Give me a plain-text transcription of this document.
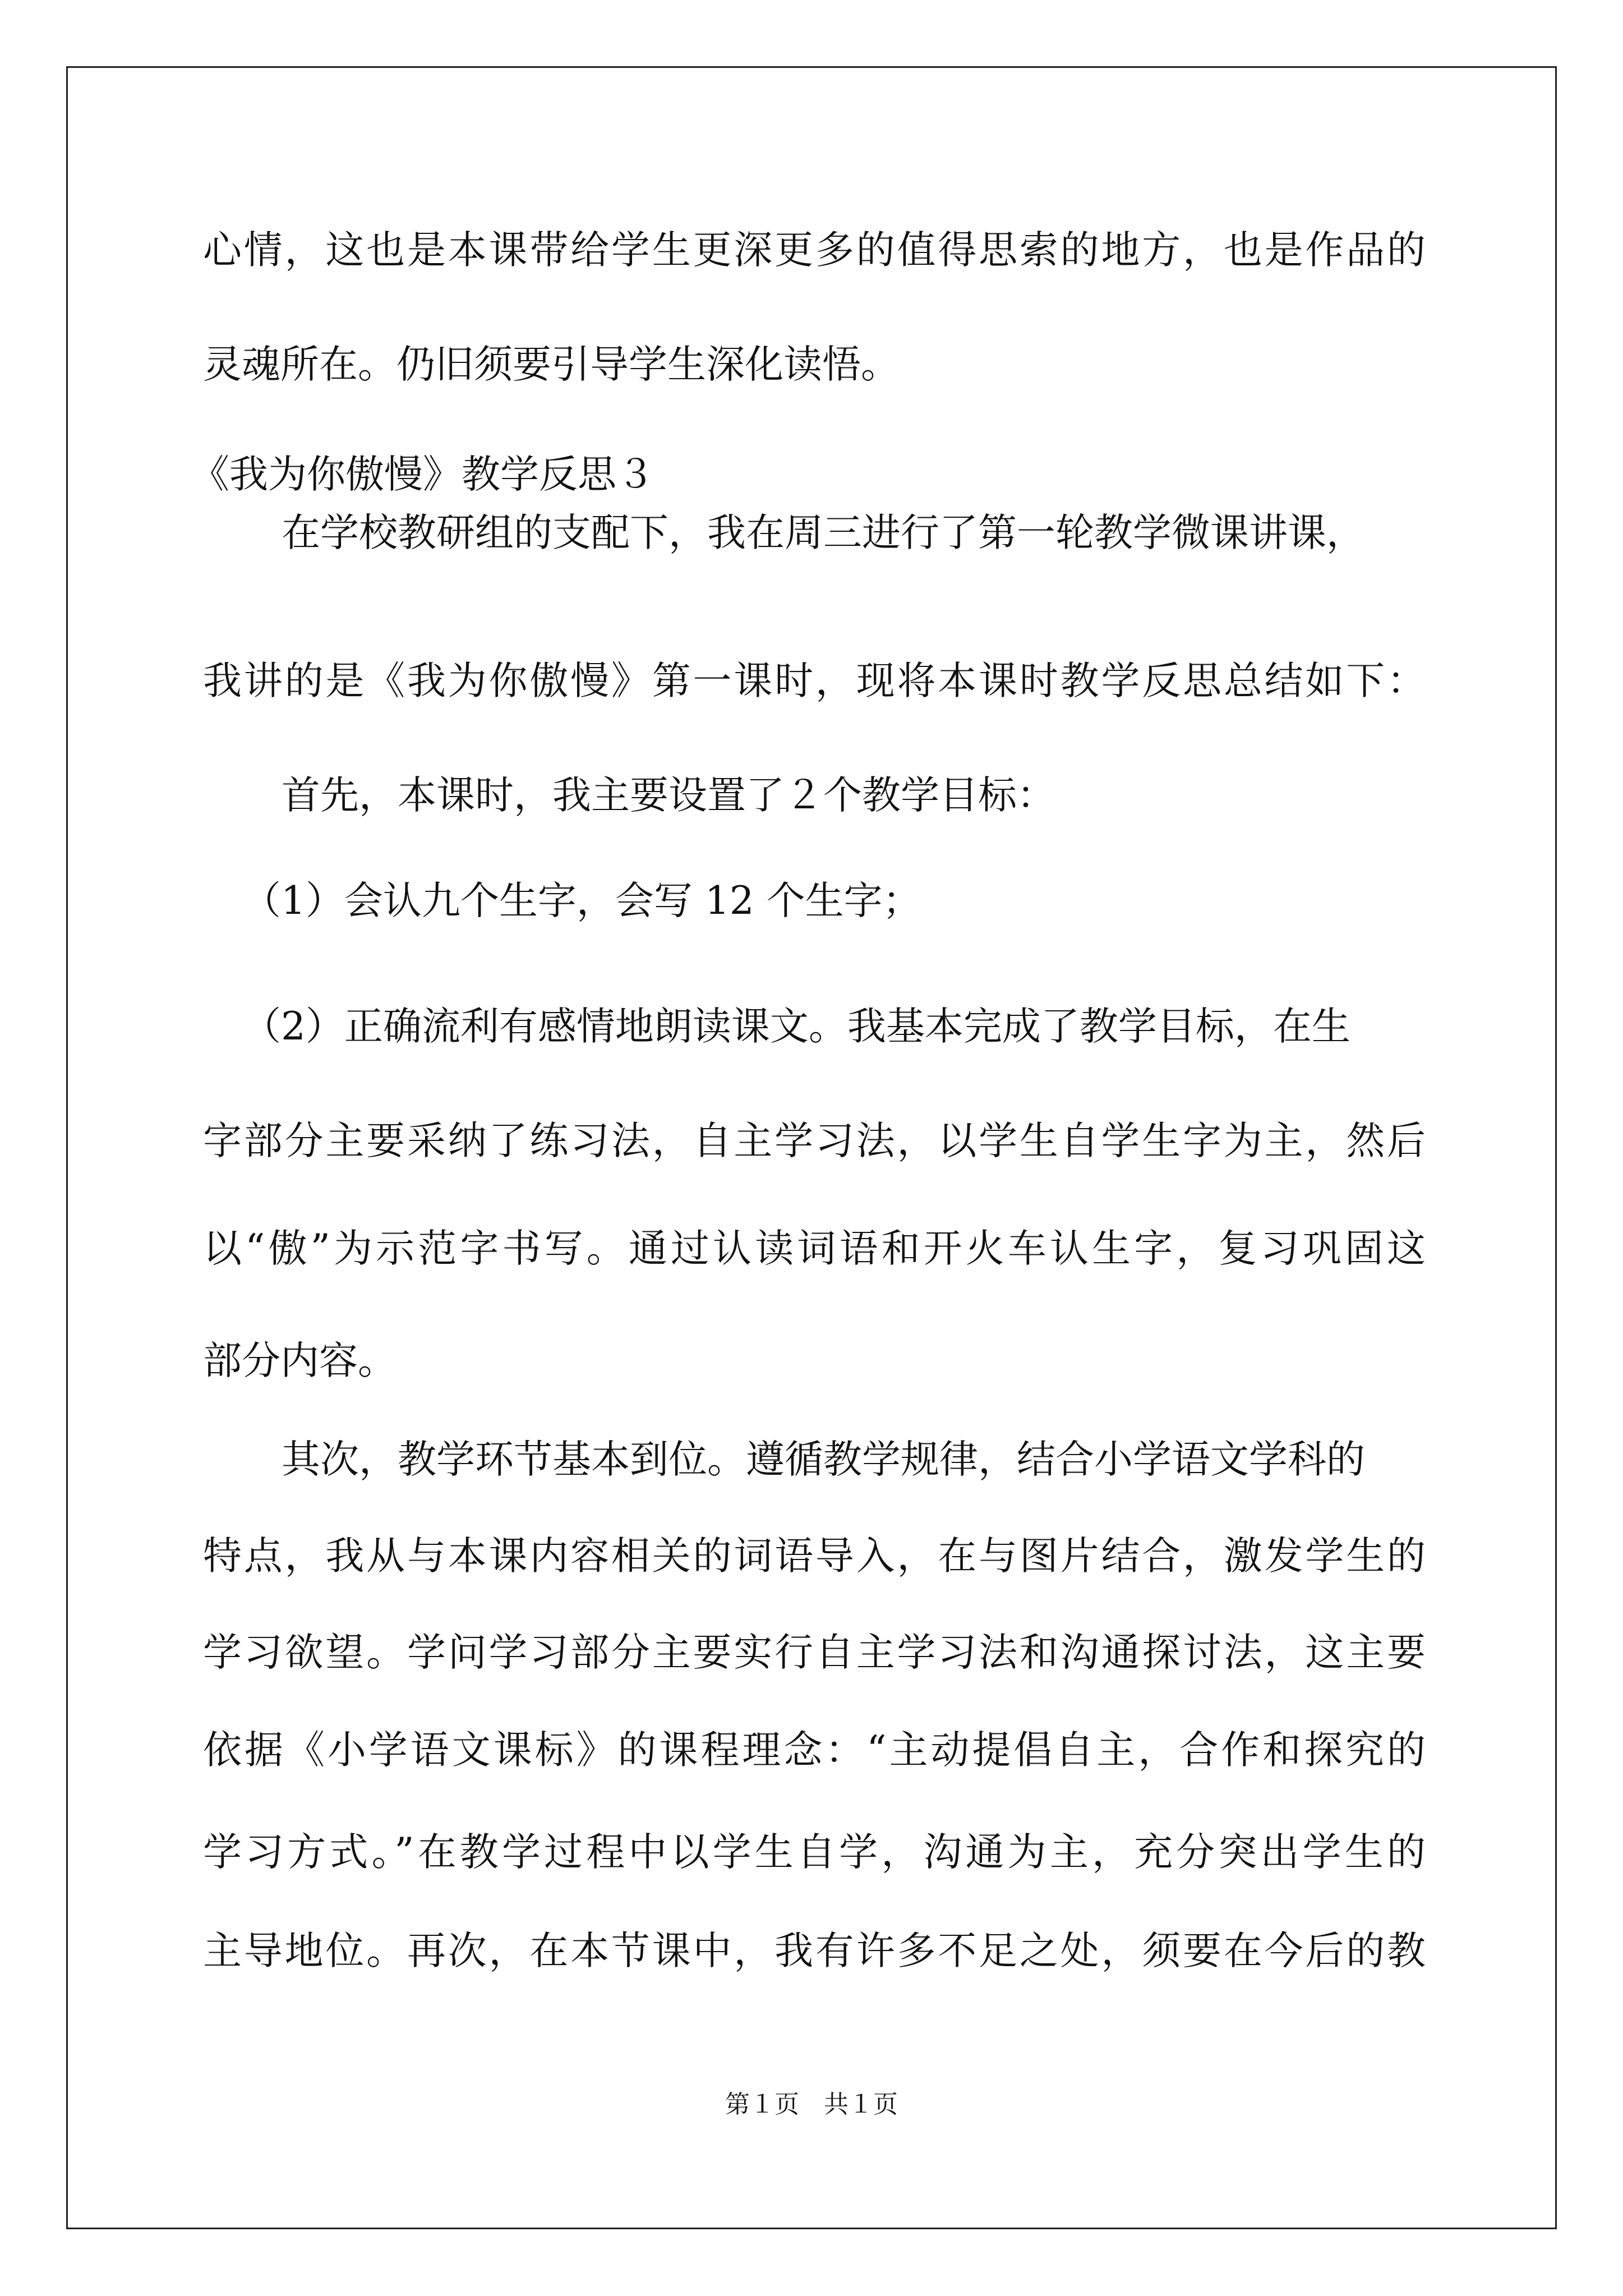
心情，这也是本课带给学生更深更多的值得思索的地方，也是作品的
灵魂所在。仍旧须要引导学生深化读悟。
《我为你傲慢》教学反思３
在学校教研组的支配下，我在周三进行了第一轮教学微课讲课，
我讲的是《我为你傲慢》第一课时，现将本课时教学反思总结如下：
首先，本课时，我主要设置了２个教学目标：
（1）会认九个生字，会写 12 个生字；
（2）正确流利有感情地朗读课文。我基本完成了教学目标，在生
字部分主要采纳了练习法，自主学习法，以学生自学生字为主，然后
以“傲”为示范字书写。通过认读词语和开火车认生字，复习巩固这
部分内容。
其次，教学环节基本到位。遵循教学规律，结合小学语文学科的
特点，我从与本课内容相关的词语导入，在与图片结合，激发学生的
学习欲望。学问学习部分主要实行自主学习法和沟通探讨法，这主要
依据《小学语文课标》的课程理念：“主动提倡自主，合作和探究的
学习方式。”在教学过程中以学生自学，沟通为主，充分突出学生的
主导地位。再次，在本节课中，我有许多不足之处，须要在今后的教
第１页　共１页
